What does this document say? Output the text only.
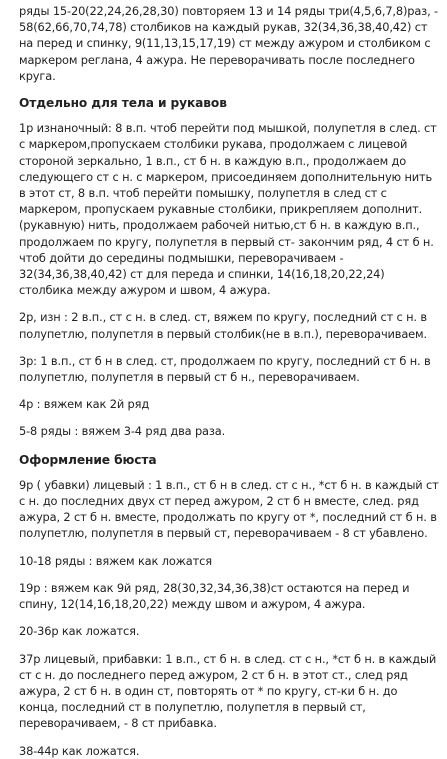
ряды 15-20(22,24,26,28,30) повторяем 13 и 14 ряды три(4,5,6,7,8)раз, - 58(62,66,70,74,78) столбиков на каждый рукав, 32(34,36,38,40,42) ст на перед и спинку, 9(11,13,15,17,19) ст между ажуром и столбиком с маркером реглана, 4 ажура. Не переворачивать после последнего круга.

Отдельно для тела и рукавов

1р изнаночный: 8 в.п. чтоб перейти под мышкой, полупетля в след. ст с маркером,пропускаем столбики рукава, продолжаем с лицевой стороной зеркально, 1 в.п., ст б н. в каждую в.п., продолжаем до следующего ст с н. с маркером, присоединяем дополнительную нить в этот ст, 8 в.п. чтоб перейти помышку, полупетля в след ст с маркером, пропускаем рукавные столбики, прикрепляем дополнит.(рукавную) нить, продолжаем рабочей нитью,ст б н. в каждую в.п., продолжаем по кругу, полупетля в первый ст- закончим ряд, 4 ст б н. чтоб дойти до середины подмышки, переворачиваем - 32(34,36,38,40,42) ст для переда и спинки, 14(16,18,20,22,24) столбика между ажуром и швом, 4 ажура.

2р, изн : 2 в.п., ст с н. в след. ст, вяжем по кругу, последний ст с н. в полупетлю, полупетля в первый столбик(не в в.п.), переворачиваем.

3р: 1 в.п., ст б н в след. ст, продолжаем по кругу, последний ст б н. в полупетлю, полупетля в первый ст б н., переворачиваем.

4р : вяжем как 2й ряд

5-8 ряды : вяжем 3-4 ряд два раза.

Оформление бюста

9р ( убавки) лицевый : 1 в.п., ст б н в след. ст с н., *ст б н. в каждый ст с н. до последних двух ст перед ажуром, 2 ст б н вместе, след. ряд ажура, 2 ст б н. вместе, продолжать по кругу от *, последний ст б н. в полупетлю, полупетля в первый ст, переворачиваем - 8 ст убавлено.

10-18 ряды : вяжем как ложатся

19р : вяжем как 9й ряд, 28(30,32,34,36,38)ст остаются на перед и спину, 12(14,16,18,20,22) между швом и ажуром, 4 ажура.

20-36р как ложатся.

37р лицевый, прибавки: 1 в.п., ст б н. в след. ст с н., *ст б н. в каждый ст с н. до последнего перед ажуром, 2 ст б н. в этот ст., след ряд ажура, 2 ст б н. в один ст, повторять от * по кругу, ст-ки б н. до конца, последний ст в полупетлю, полупетля в первый ст, переворачиваем, - 8 ст прибавка.

38-44р как ложатся.
